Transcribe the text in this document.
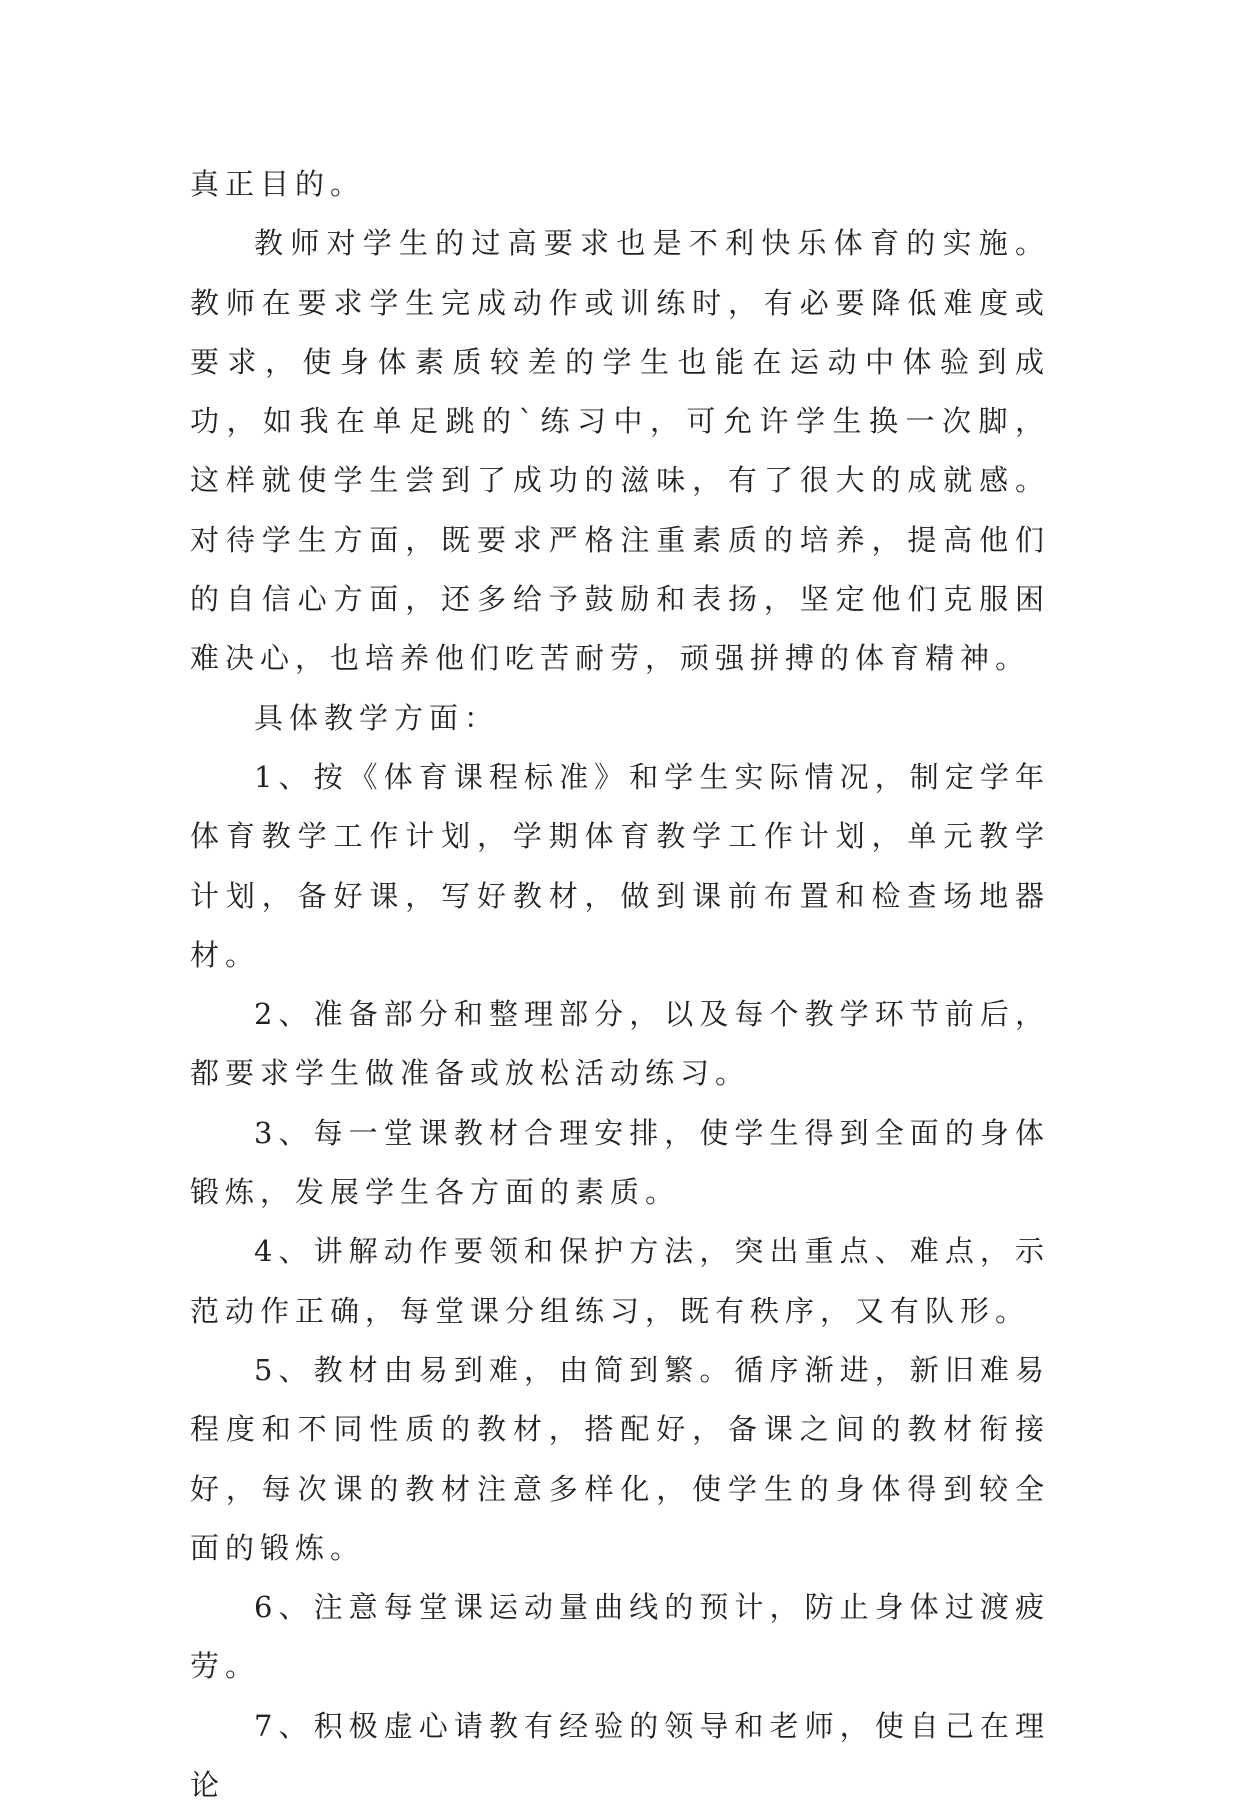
真正目的。

教师对学生的过高要求也是不利快乐体育的实施。教师在要求学生完成动作或训练时，有必要降低难度或要求，使身体素质较差的学生也能在运动中体验到成功，如我在单足跳的`练习中，可允许学生换一次脚，这样就使学生尝到了成功的滋味，有了很大的成就感。对待学生方面，既要求严格注重素质的培养，提高他们的自信心方面，还多给予鼓励和表扬，坚定他们克服困难决心，也培养他们吃苦耐劳，顽强拼搏的体育精神。

具体教学方面：

1、按《体育课程标准》和学生实际情况，制定学年体育教学工作计划，学期体育教学工作计划，单元教学计划，备好课，写好教材，做到课前布置和检查场地器材。

2、准备部分和整理部分，以及每个教学环节前后，都要求学生做准备或放松活动练习。

3、每一堂课教材合理安排，使学生得到全面的身体锻炼，发展学生各方面的素质。

4、讲解动作要领和保护方法，突出重点、难点，示范动作正确，每堂课分组练习，既有秩序，又有队形。

5、教材由易到难，由简到繁。循序渐进，新旧难易程度和不同性质的教材，搭配好，备课之间的教材衔接好，每次课的教材注意多样化，使学生的身体得到较全面的锻炼。

6、注意每堂课运动量曲线的预计，防止身体过渡疲劳。

7、积极虚心请教有经验的领导和老师，使自己在理论
